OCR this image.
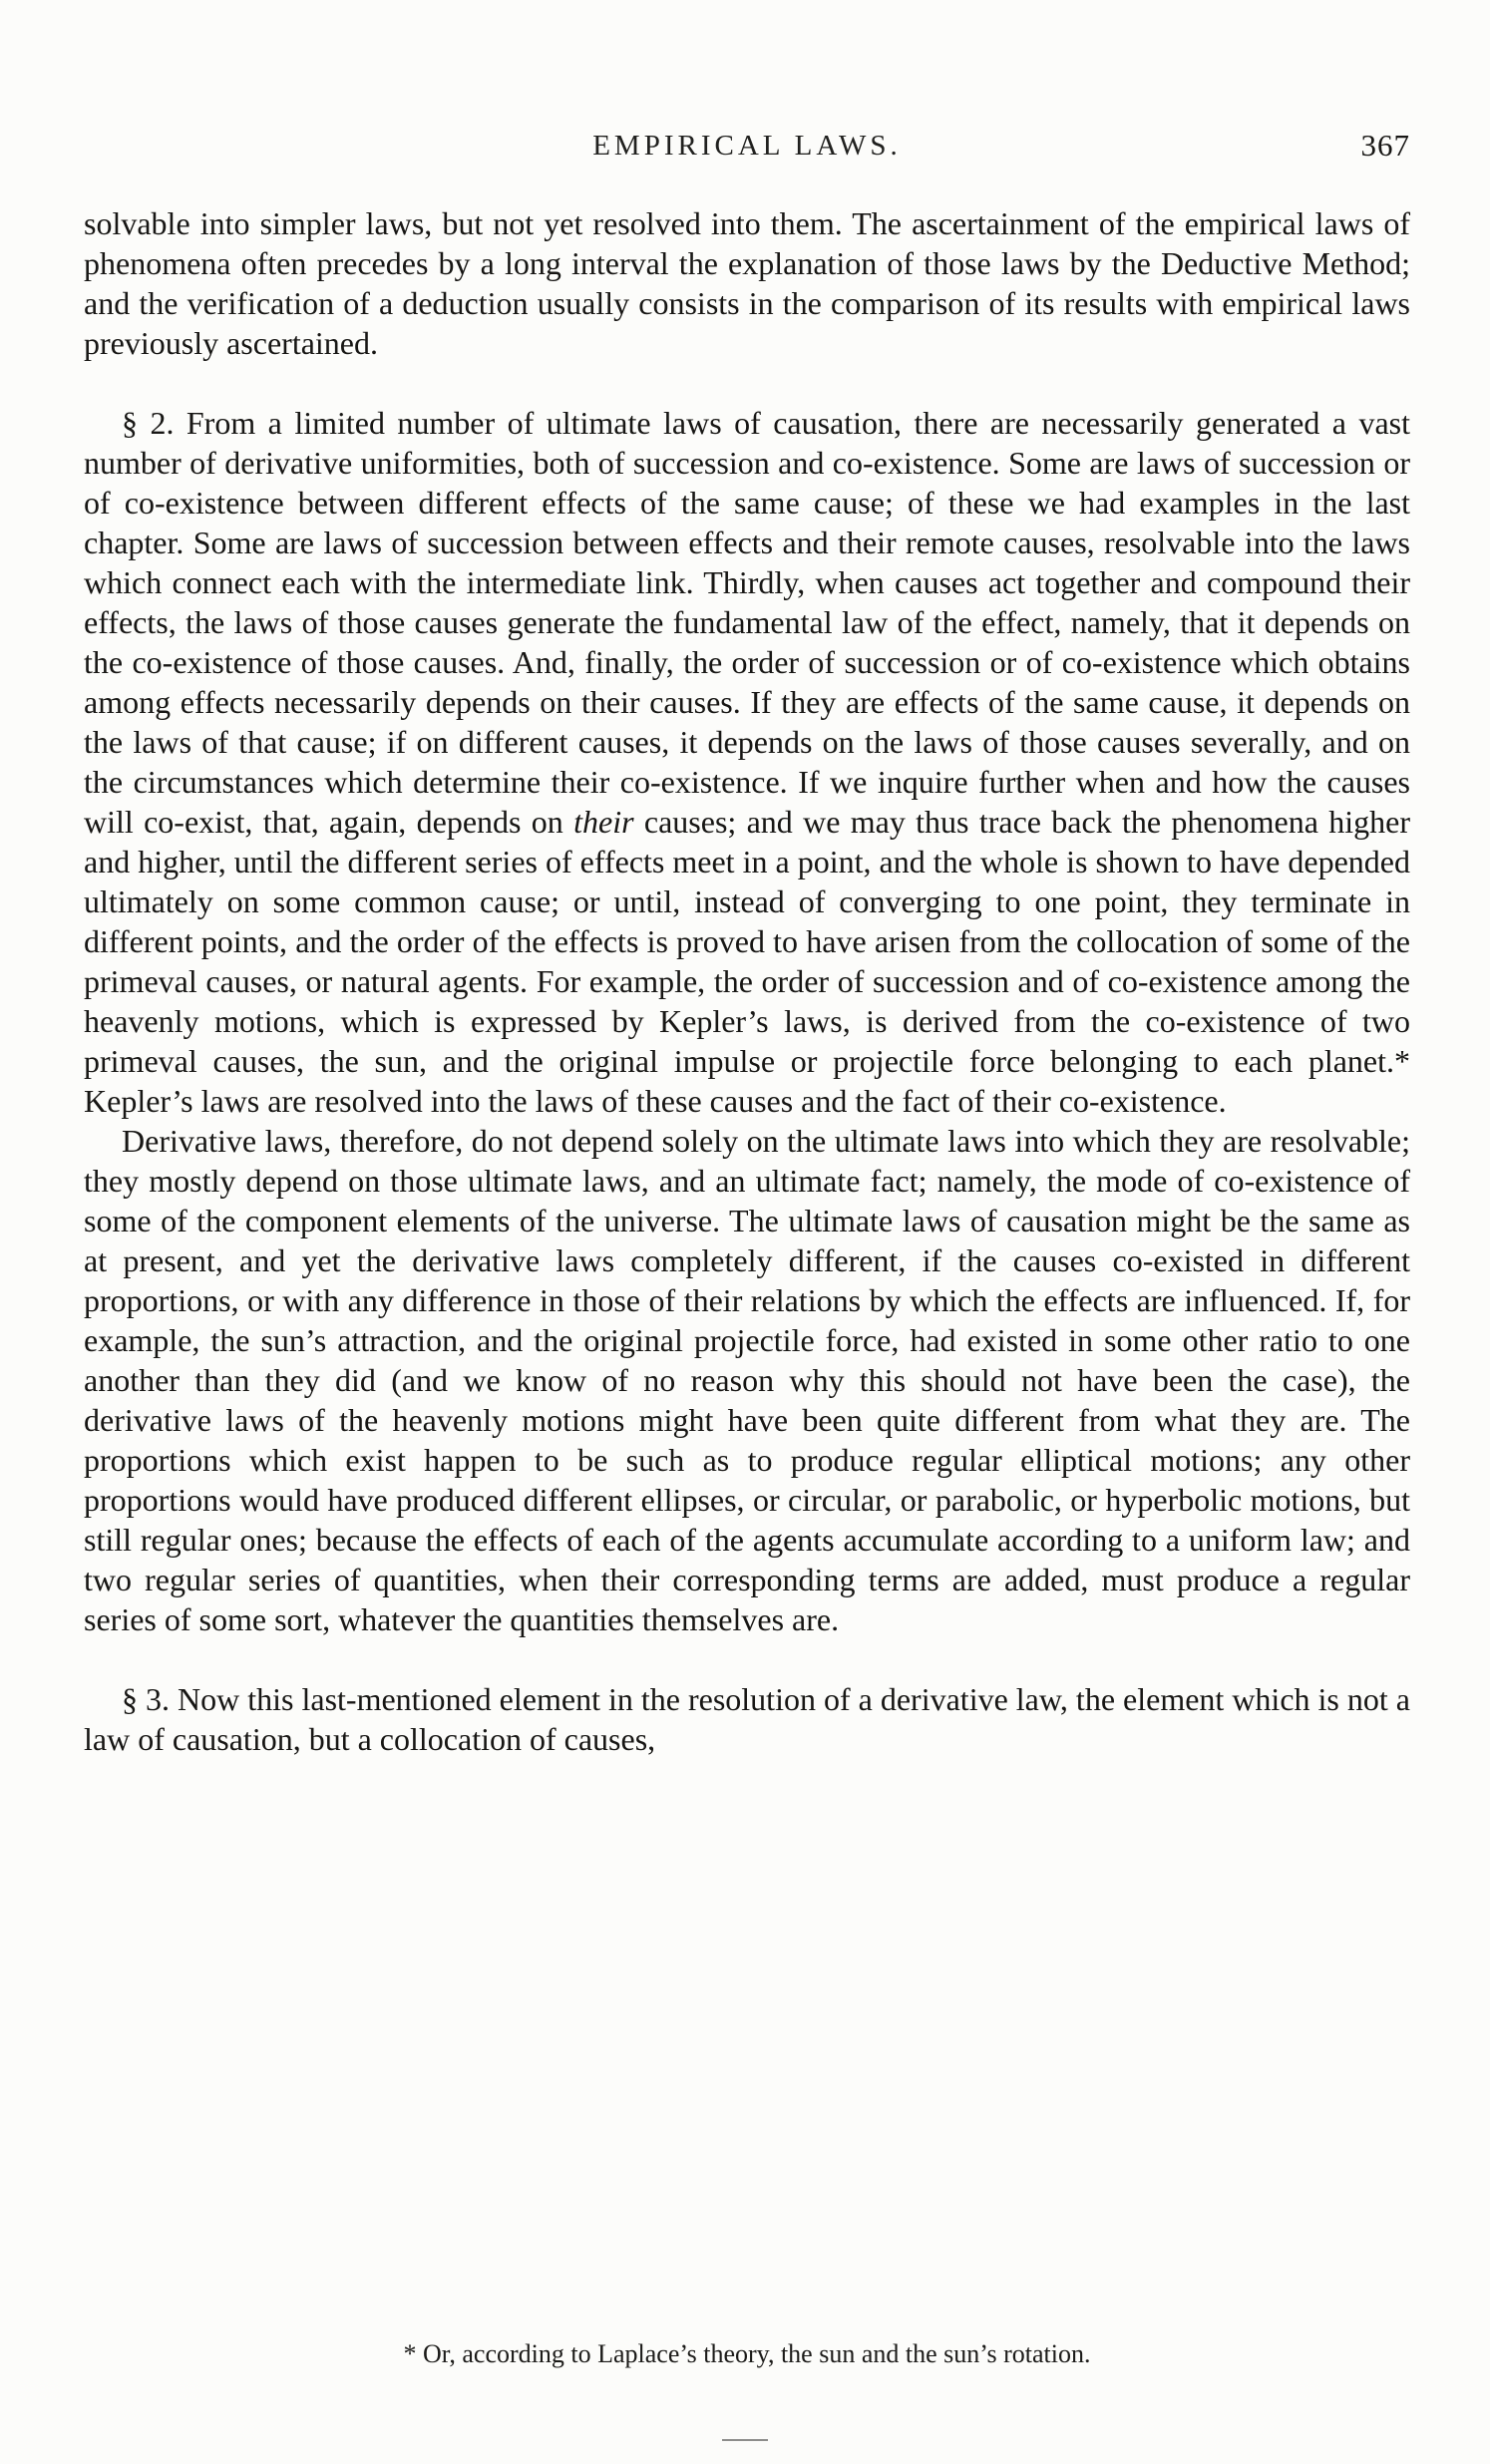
EMPIRICAL LAWS.	367

solvable into simpler laws, but not yet resolved into them. The ascertainment of the empirical laws of phenomena often precedes by a long interval the explanation of those laws by the Deductive Method; and the verification of a deduction usually consists in the comparison of its results with empirical laws previously ascertained.

§ 2. From a limited number of ultimate laws of causation, there are necessarily generated a vast number of derivative uniformities, both of succession and co-existence. Some are laws of succession or of co-existence between different effects of the same cause; of these we had examples in the last chapter. Some are laws of succession between effects and their remote causes, resolvable into the laws which connect each with the intermediate link. Thirdly, when causes act together and compound their effects, the laws of those causes generate the fundamental law of the effect, namely, that it depends on the co-existence of those causes. And, finally, the order of succession or of co-existence which obtains among effects necessarily depends on their causes. If they are effects of the same cause, it depends on the laws of that cause; if on different causes, it depends on the laws of those causes severally, and on the circumstances which determine their co-existence. If we inquire further when and how the causes will co-exist, that, again, depends on their causes; and we may thus trace back the phenomena higher and higher, until the different series of effects meet in a point, and the whole is shown to have depended ultimately on some common cause; or until, instead of converging to one point, they terminate in different points, and the order of the effects is proved to have arisen from the collocation of some of the primeval causes, or natural agents. For example, the order of succession and of co-existence among the heavenly motions, which is expressed by Kepler’s laws, is derived from the co-existence of two primeval causes, the sun, and the original impulse or projectile force belonging to each planet.* Kepler’s laws are resolved into the laws of these causes and the fact of their co-existence.

Derivative laws, therefore, do not depend solely on the ultimate laws into which they are resolvable; they mostly depend on those ultimate laws, and an ultimate fact; namely, the mode of co-existence of some of the component elements of the universe. The ultimate laws of causation might be the same as at present, and yet the derivative laws completely different, if the causes co-existed in different proportions, or with any difference in those of their relations by which the effects are influenced. If, for example, the sun’s attraction, and the original projectile force, had existed in some other ratio to one another than they did (and we know of no reason why this should not have been the case), the derivative laws of the heavenly motions might have been quite different from what they are. The proportions which exist happen to be such as to produce regular elliptical motions; any other proportions would have produced different ellipses, or circular, or parabolic, or hyperbolic motions, but still regular ones; because the effects of each of the agents accumulate according to a uniform law; and two regular series of quantities, when their corresponding terms are added, must produce a regular series of some sort, whatever the quantities themselves are.

§ 3. Now this last-mentioned element in the resolution of a derivative law, the element which is not a law of causation, but a collocation of causes,

* Or, according to Laplace’s theory, the sun and the sun’s rotation.
